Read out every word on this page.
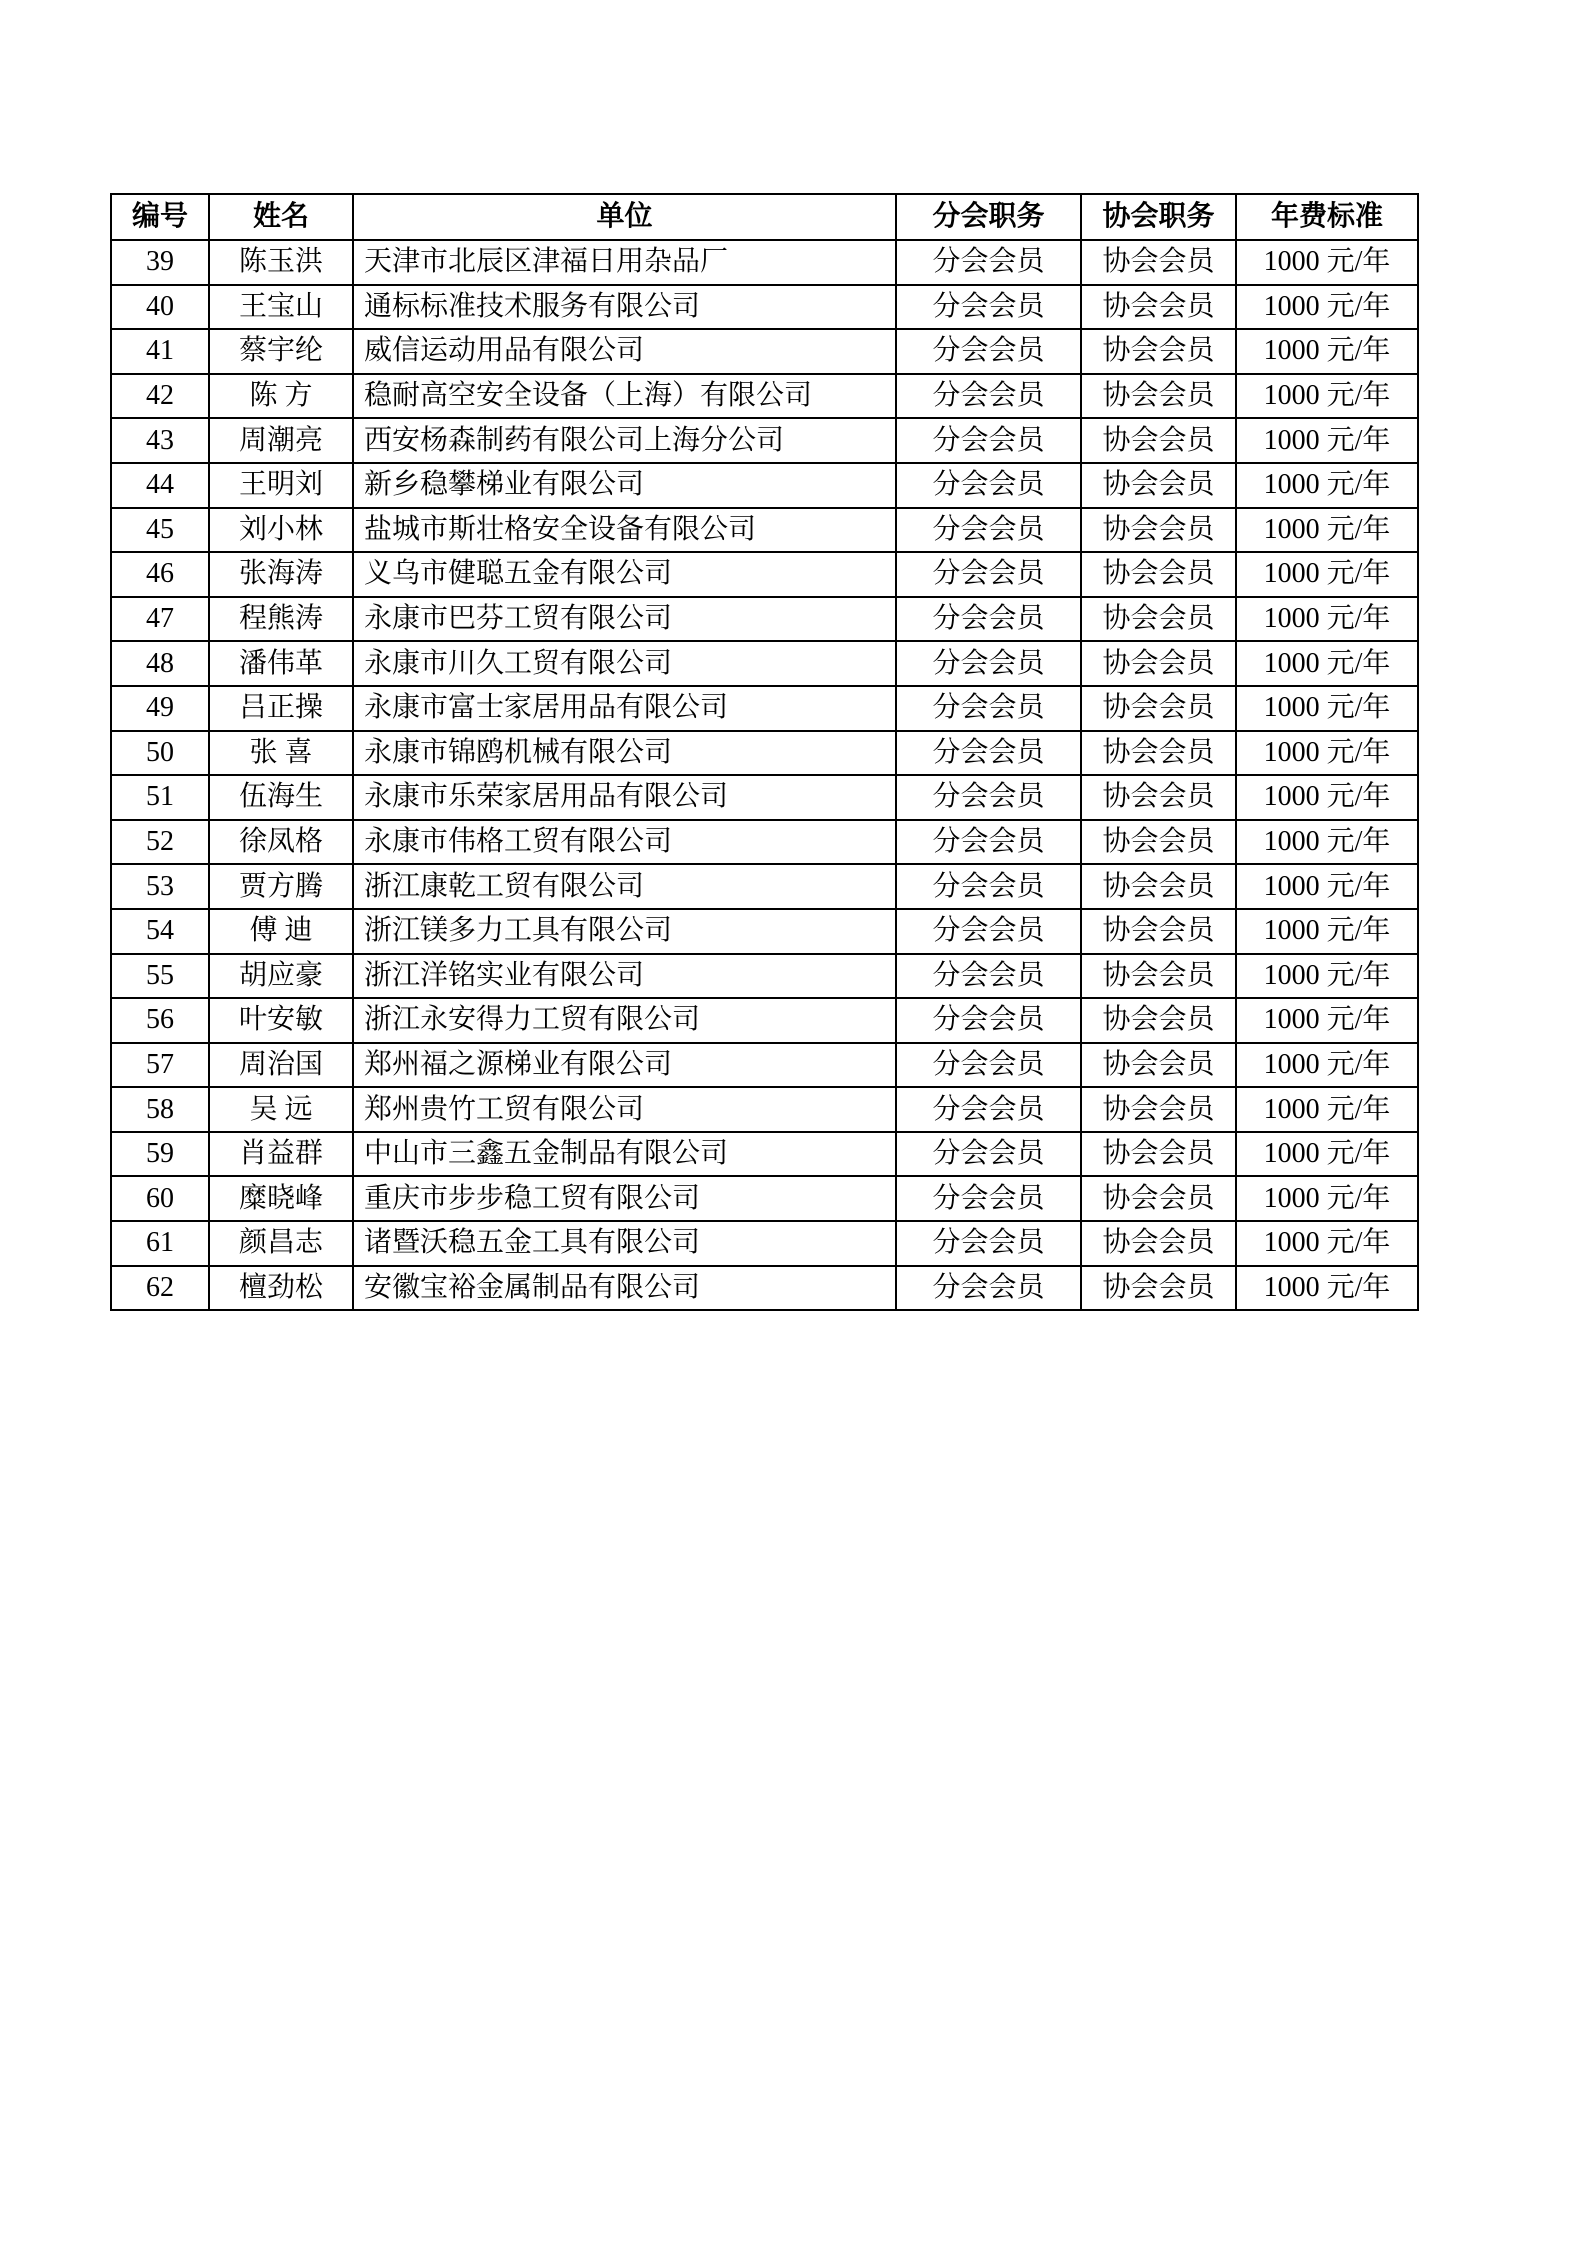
编号	姓名	单位	分会职务	协会职务	年费标准
39	陈玉洪	天津市北辰区津福日用杂品厂	分会会员	协会会员	1000 元/年
40	王宝山	通标标准技术服务有限公司	分会会员	协会会员	1000 元/年
41	蔡宇纶	威信运动用品有限公司	分会会员	协会会员	1000 元/年
42	陈 方	稳耐高空安全设备（上海）有限公司	分会会员	协会会员	1000 元/年
43	周潮亮	西安杨森制药有限公司上海分公司	分会会员	协会会员	1000 元/年
44	王明刘	新乡稳攀梯业有限公司	分会会员	协会会员	1000 元/年
45	刘小林	盐城市斯壮格安全设备有限公司	分会会员	协会会员	1000 元/年
46	张海涛	义乌市健聪五金有限公司	分会会员	协会会员	1000 元/年
47	程熊涛	永康市巴芬工贸有限公司	分会会员	协会会员	1000 元/年
48	潘伟革	永康市川久工贸有限公司	分会会员	协会会员	1000 元/年
49	吕正操	永康市富士家居用品有限公司	分会会员	协会会员	1000 元/年
50	张 喜	永康市锦鸥机械有限公司	分会会员	协会会员	1000 元/年
51	伍海生	永康市乐荣家居用品有限公司	分会会员	协会会员	1000 元/年
52	徐凤格	永康市伟格工贸有限公司	分会会员	协会会员	1000 元/年
53	贾方腾	浙江康乾工贸有限公司	分会会员	协会会员	1000 元/年
54	傅 迪	浙江镁多力工具有限公司	分会会员	协会会员	1000 元/年
55	胡应豪	浙江洋铭实业有限公司	分会会员	协会会员	1000 元/年
56	叶安敏	浙江永安得力工贸有限公司	分会会员	协会会员	1000 元/年
57	周治国	郑州福之源梯业有限公司	分会会员	协会会员	1000 元/年
58	吴 远	郑州贵竹工贸有限公司	分会会员	协会会员	1000 元/年
59	肖益群	中山市三鑫五金制品有限公司	分会会员	协会会员	1000 元/年
60	糜晓峰	重庆市步步稳工贸有限公司	分会会员	协会会员	1000 元/年
61	颜昌志	诸暨沃稳五金工具有限公司	分会会员	协会会员	1000 元/年
62	檀劲松	安徽宝裕金属制品有限公司	分会会员	协会会员	1000 元/年
